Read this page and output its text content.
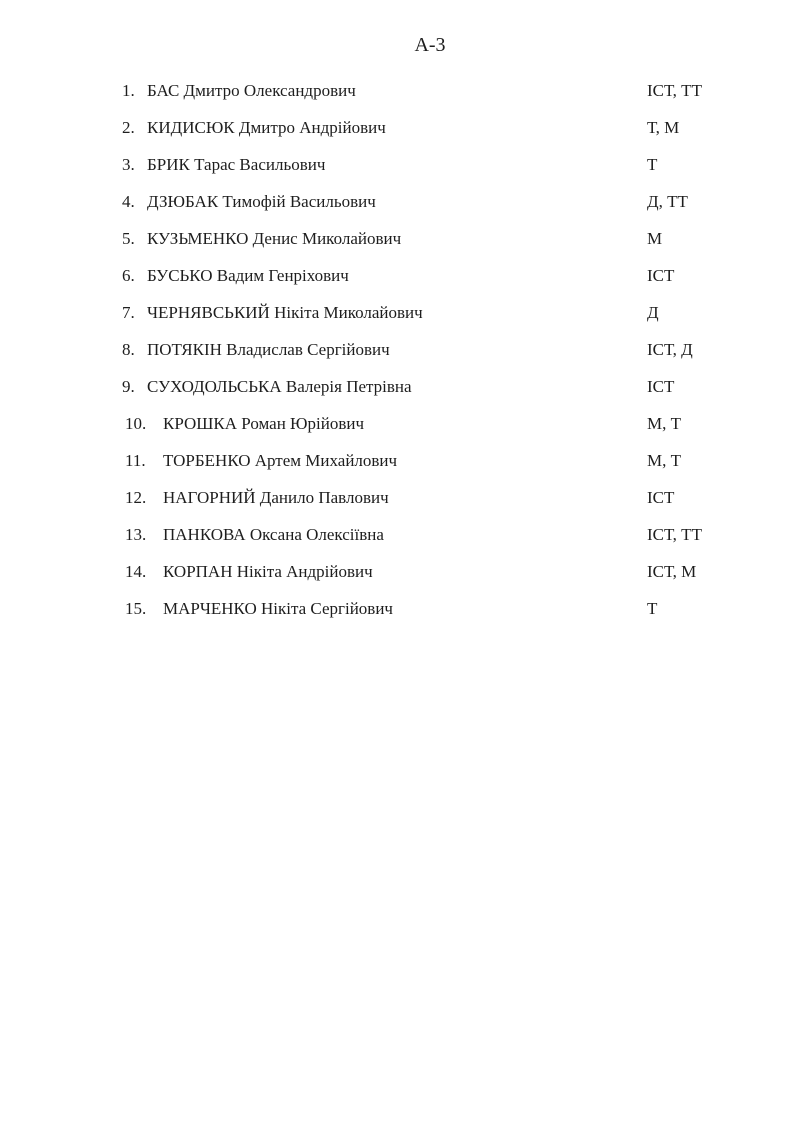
А-3
1. БАС Дмитро Олександрович	ІСТ, ТТ
2. КИДИСЮК Дмитро Андрійович	Т, М
3. БРИК Тарас Васильович	Т
4. ДЗЮБАК Тимофій Васильович	Д, ТТ
5. КУЗЬМЕНКО Денис Миколайович	М
6. БУСЬКО Вадим Генріхович	ІСТ
7. ЧЕРНЯВСЬКИЙ Нікіта Миколайович	Д
8. ПОТЯКІН Владислав Сергійович	ІСТ, Д
9. СУХОДОЛЬСЬКА Валерія Петрівна	ІСТ
10. КРОШКА Роман Юрійович	М, Т
11. ТОРБЕНКО Артем Михайлович	М, Т
12. НАГОРНИЙ Данило Павлович	ІСТ
13. ПАНКОВА Оксана Олексіївна	ІСТ, ТТ
14. КОРПАН Нікіта Андрійович	ІСТ, М
15. МАРЧЕНКО Нікіта Сергійович	Т
